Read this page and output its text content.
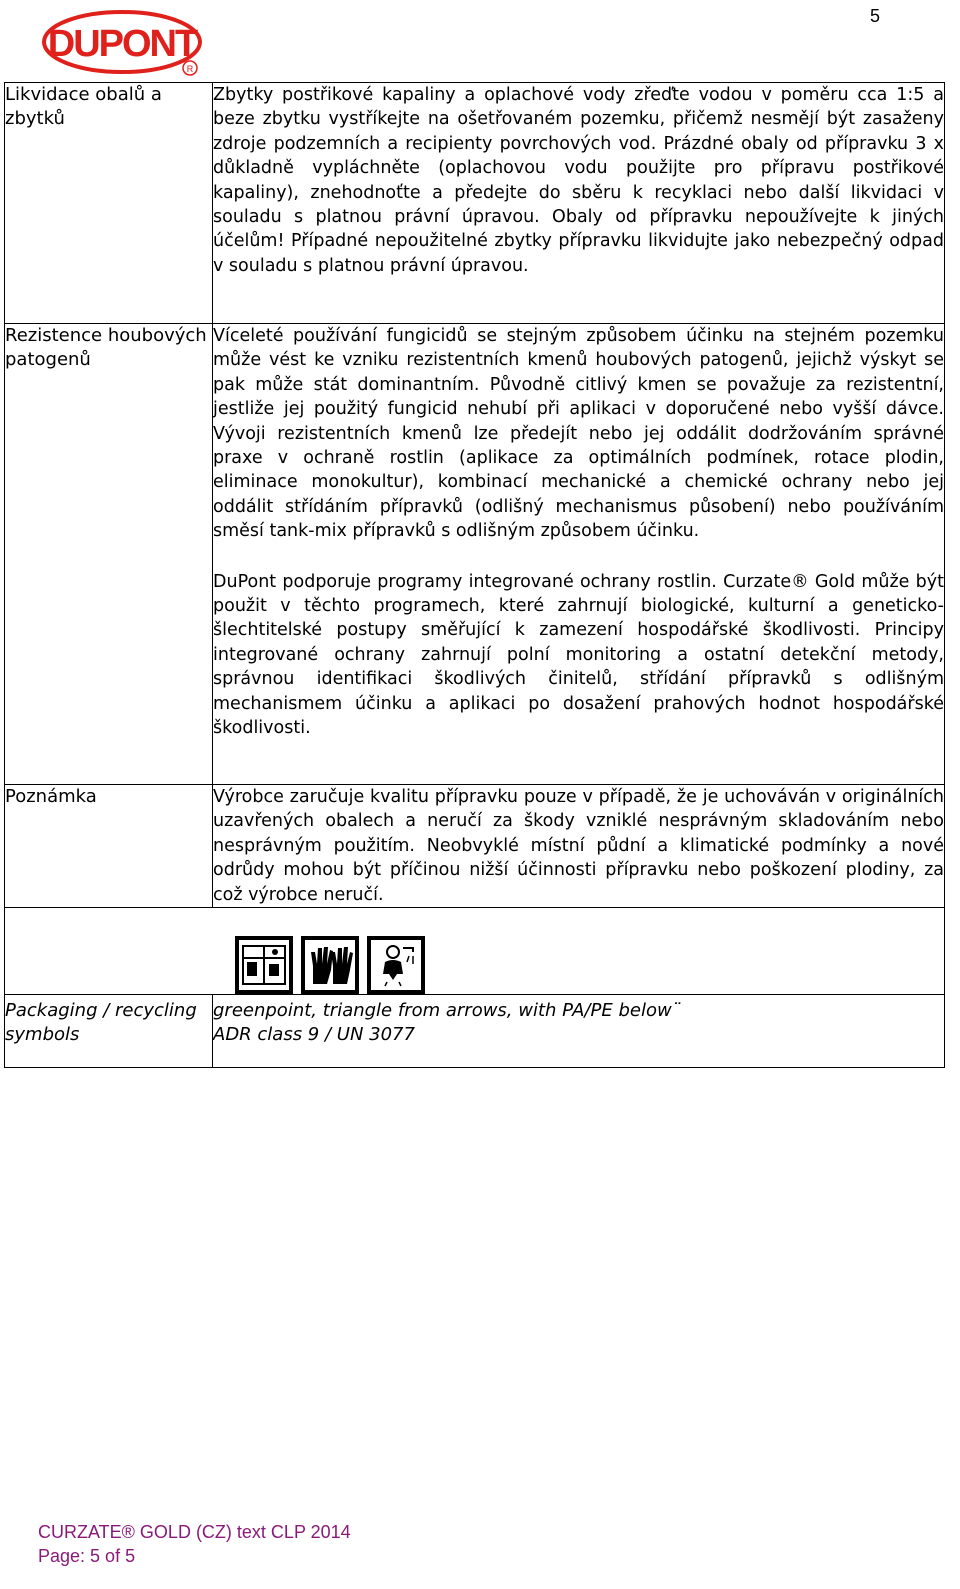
5
DUPONT
R
Likvidace obalů a zbytků	Zbytky postřikové kapaliny a oplachové vody zřeďte vodou v poměru cca 1:5 a beze zbytku vystříkejte na ošetřovaném pozemku, přičemž nesmějí být zasaženy zdroje podzemních a recipienty povrchových vod. Prázdné obaly od přípravku 3 x důkladně vypláchněte (oplachovou vodu použijte pro přípravu postřikové kapaliny), znehodnoťte a předejte do sběru k recyklaci nebo další likvidaci v souladu s platnou právní úpravou. Obaly od přípravku nepoužívejte k jiných účelům! Případné nepoužitelné zbytky přípravku likvidujte jako nebezpečný odpad v souladu s platnou právní úpravou.

Rezistence houbových patogenů	Víceleté používání fungicidů se stejným způsobem účinku na stejném pozemku může vést ke vzniku rezistentních kmenů houbových patogenů, jejichž výskyt se pak může stát dominantním. Původně citlivý kmen se považuje za rezistentní, jestliže jej použitý fungicid nehubí při aplikaci v doporučené nebo vyšší dávce. Vývoji rezistentních kmenů lze předejít nebo jej oddálit dodržováním správné praxe v ochraně rostlin (aplikace za optimálních podmínek, rotace plodin, eliminace monokultur), kombinací mechanické a chemické ochrany nebo jej oddálit střídáním přípravků (odlišný mechanismus působení) nebo používáním směsí tank-mix přípravků s odlišným způsobem účinku.

DuPont podporuje programy integrované ochrany rostlin. Curzate® Gold může být použit v těchto programech, které zahrnují biologické, kulturní a geneticko-šlechtitelské postupy směřující k zamezení hospodářské škodlivosti. Principy integrované ochrany zahrnují polní monitoring a ostatní detekční metody, správnou identifikaci škodlivých činitelů, střídání přípravků s odlišným mechanismem účinku a aplikaci po dosažení prahových hodnot hospodářské škodlivosti.

Poznámka	Výrobce zaručuje kvalitu přípravku pouze v případě, že je uchováván v originálních uzavřených obalech a neručí za škody vzniklé nesprávným skladováním nebo nesprávným použitím. Neobvyklé místní půdní a klimatické podmínky a nové odrůdy mohou být příčinou nižší účinnosti přípravku nebo poškození plodiny, za což výrobce neručí.

Packaging / recycling symbols	greenpoint, triangle from arrows, with PA/PE below¨
ADR class 9 / UN 3077
CURZATE® GOLD (CZ) text CLP 2014
Page: 5 of 5
